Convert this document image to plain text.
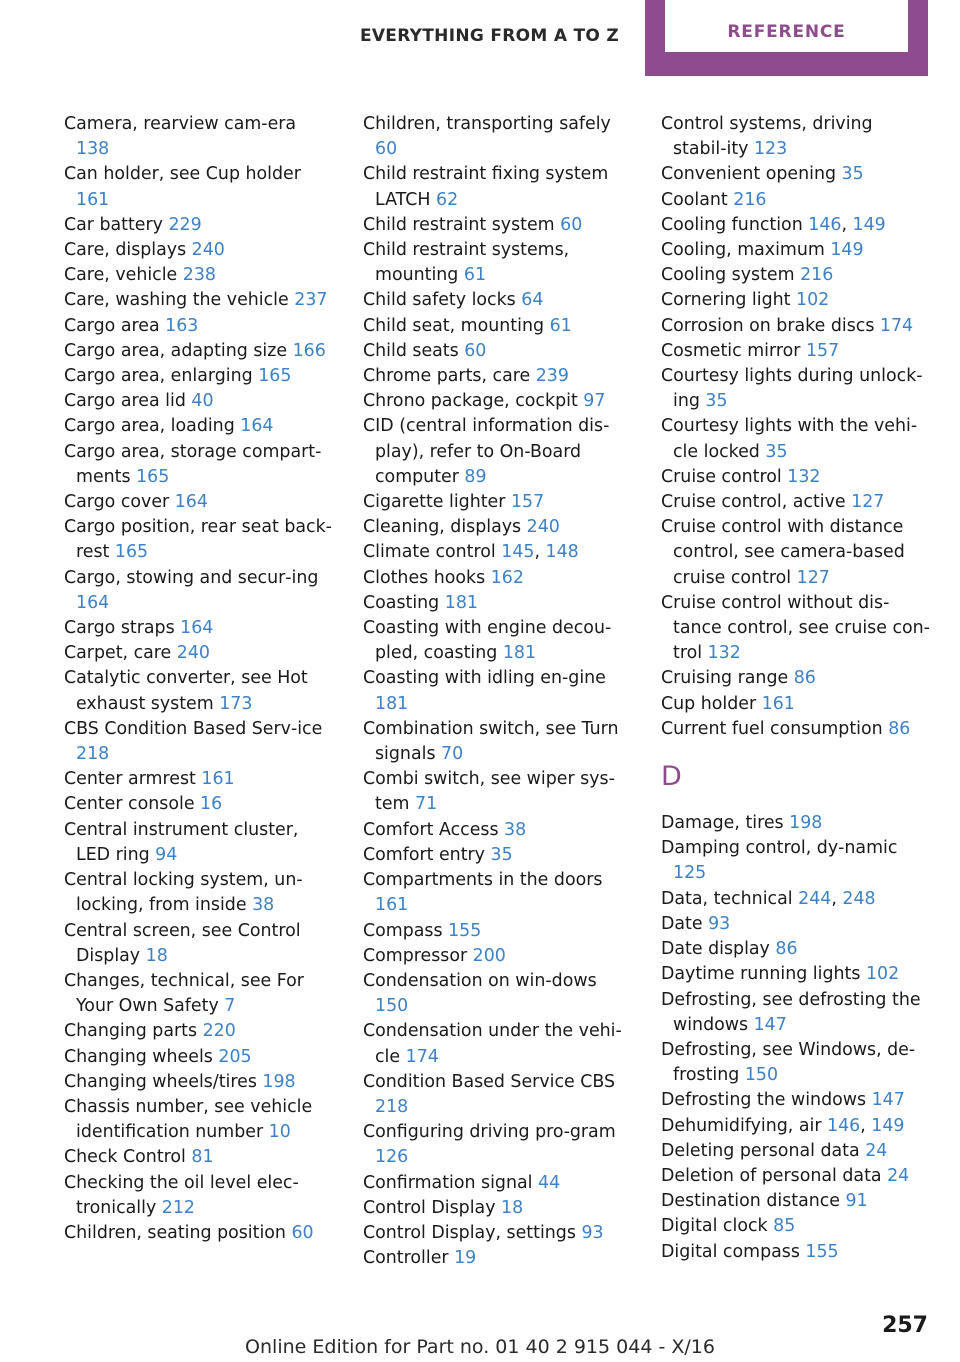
EVERYTHING FROM A TO Z	REFERENCE
Camera, rearview cam‐era 138
Can holder, see Cup holder 161
Car battery 229
Care, displays 240
Care, vehicle 238
Care, washing the vehicle 237
Cargo area 163
Cargo area, adapting size 166
Cargo area, enlarging 165
Cargo area lid 40
Cargo area, loading 164
Cargo area, storage compart‐ments 165
Cargo cover 164
Cargo position, rear seat back‐rest 165
Cargo, stowing and secur‐ing 164
Cargo straps 164
Carpet, care 240
Catalytic converter, see Hot exhaust system 173
CBS Condition Based Serv‐ice 218
Center armrest 161
Center console 16
Central instrument cluster, LED ring 94
Central locking system, un‐locking, from inside 38
Central screen, see Control Display 18
Changes, technical, see For Your Own Safety 7
Changing parts 220
Changing wheels 205
Changing wheels/tires 198
Chassis number, see vehicle identification number 10
Check Control 81
Checking the oil level elec‐tronically 212
Children, seating position 60
Children, transporting safely 60
Child restraint fixing system LATCH 62
Child restraint system 60
Child restraint systems, mounting 61
Child safety locks 64
Child seat, mounting 61
Child seats 60
Chrome parts, care 239
Chrono package, cockpit 97
CID (central information dis‐play), refer to On-Board computer 89
Cigarette lighter 157
Cleaning, displays 240
Climate control 145, 148
Clothes hooks 162
Coasting 181
Coasting with engine decou‐pled, coasting 181
Coasting with idling en‐gine 181
Combination switch, see Turn signals 70
Combi switch, see wiper sys‐tem 71
Comfort Access 38
Comfort entry 35
Compartments in the doors 161
Compass 155
Compressor 200
Condensation on win‐dows 150
Condensation under the vehi‐cle 174
Condition Based Service CBS 218
Configuring driving pro‐gram 126
Confirmation signal 44
Control Display 18
Control Display, settings 93
Controller 19
Control systems, driving stabil‐ity 123
Convenient opening 35
Coolant 216
Cooling function 146, 149
Cooling, maximum 149
Cooling system 216
Cornering light 102
Corrosion on brake discs 174
Cosmetic mirror 157
Courtesy lights during unlock‐ing 35
Courtesy lights with the vehi‐cle locked 35
Cruise control 132
Cruise control, active 127
Cruise control with distance control, see camera-based cruise control 127
Cruise control without dis‐tance control, see cruise con‐trol 132
Cruising range 86
Cup holder 161
Current fuel consumption 86
D
Damage, tires 198
Damping control, dy‐namic 125
Data, technical 244, 248
Date 93
Date display 86
Daytime running lights 102
Defrosting, see defrosting the windows 147
Defrosting, see Windows, de‐frosting 150
Defrosting the windows 147
Dehumidifying, air 146, 149
Deleting personal data 24
Deletion of personal data 24
Destination distance 91
Digital clock 85
Digital compass 155
257
Online Edition for Part no. 01 40 2 915 044 - X/16
